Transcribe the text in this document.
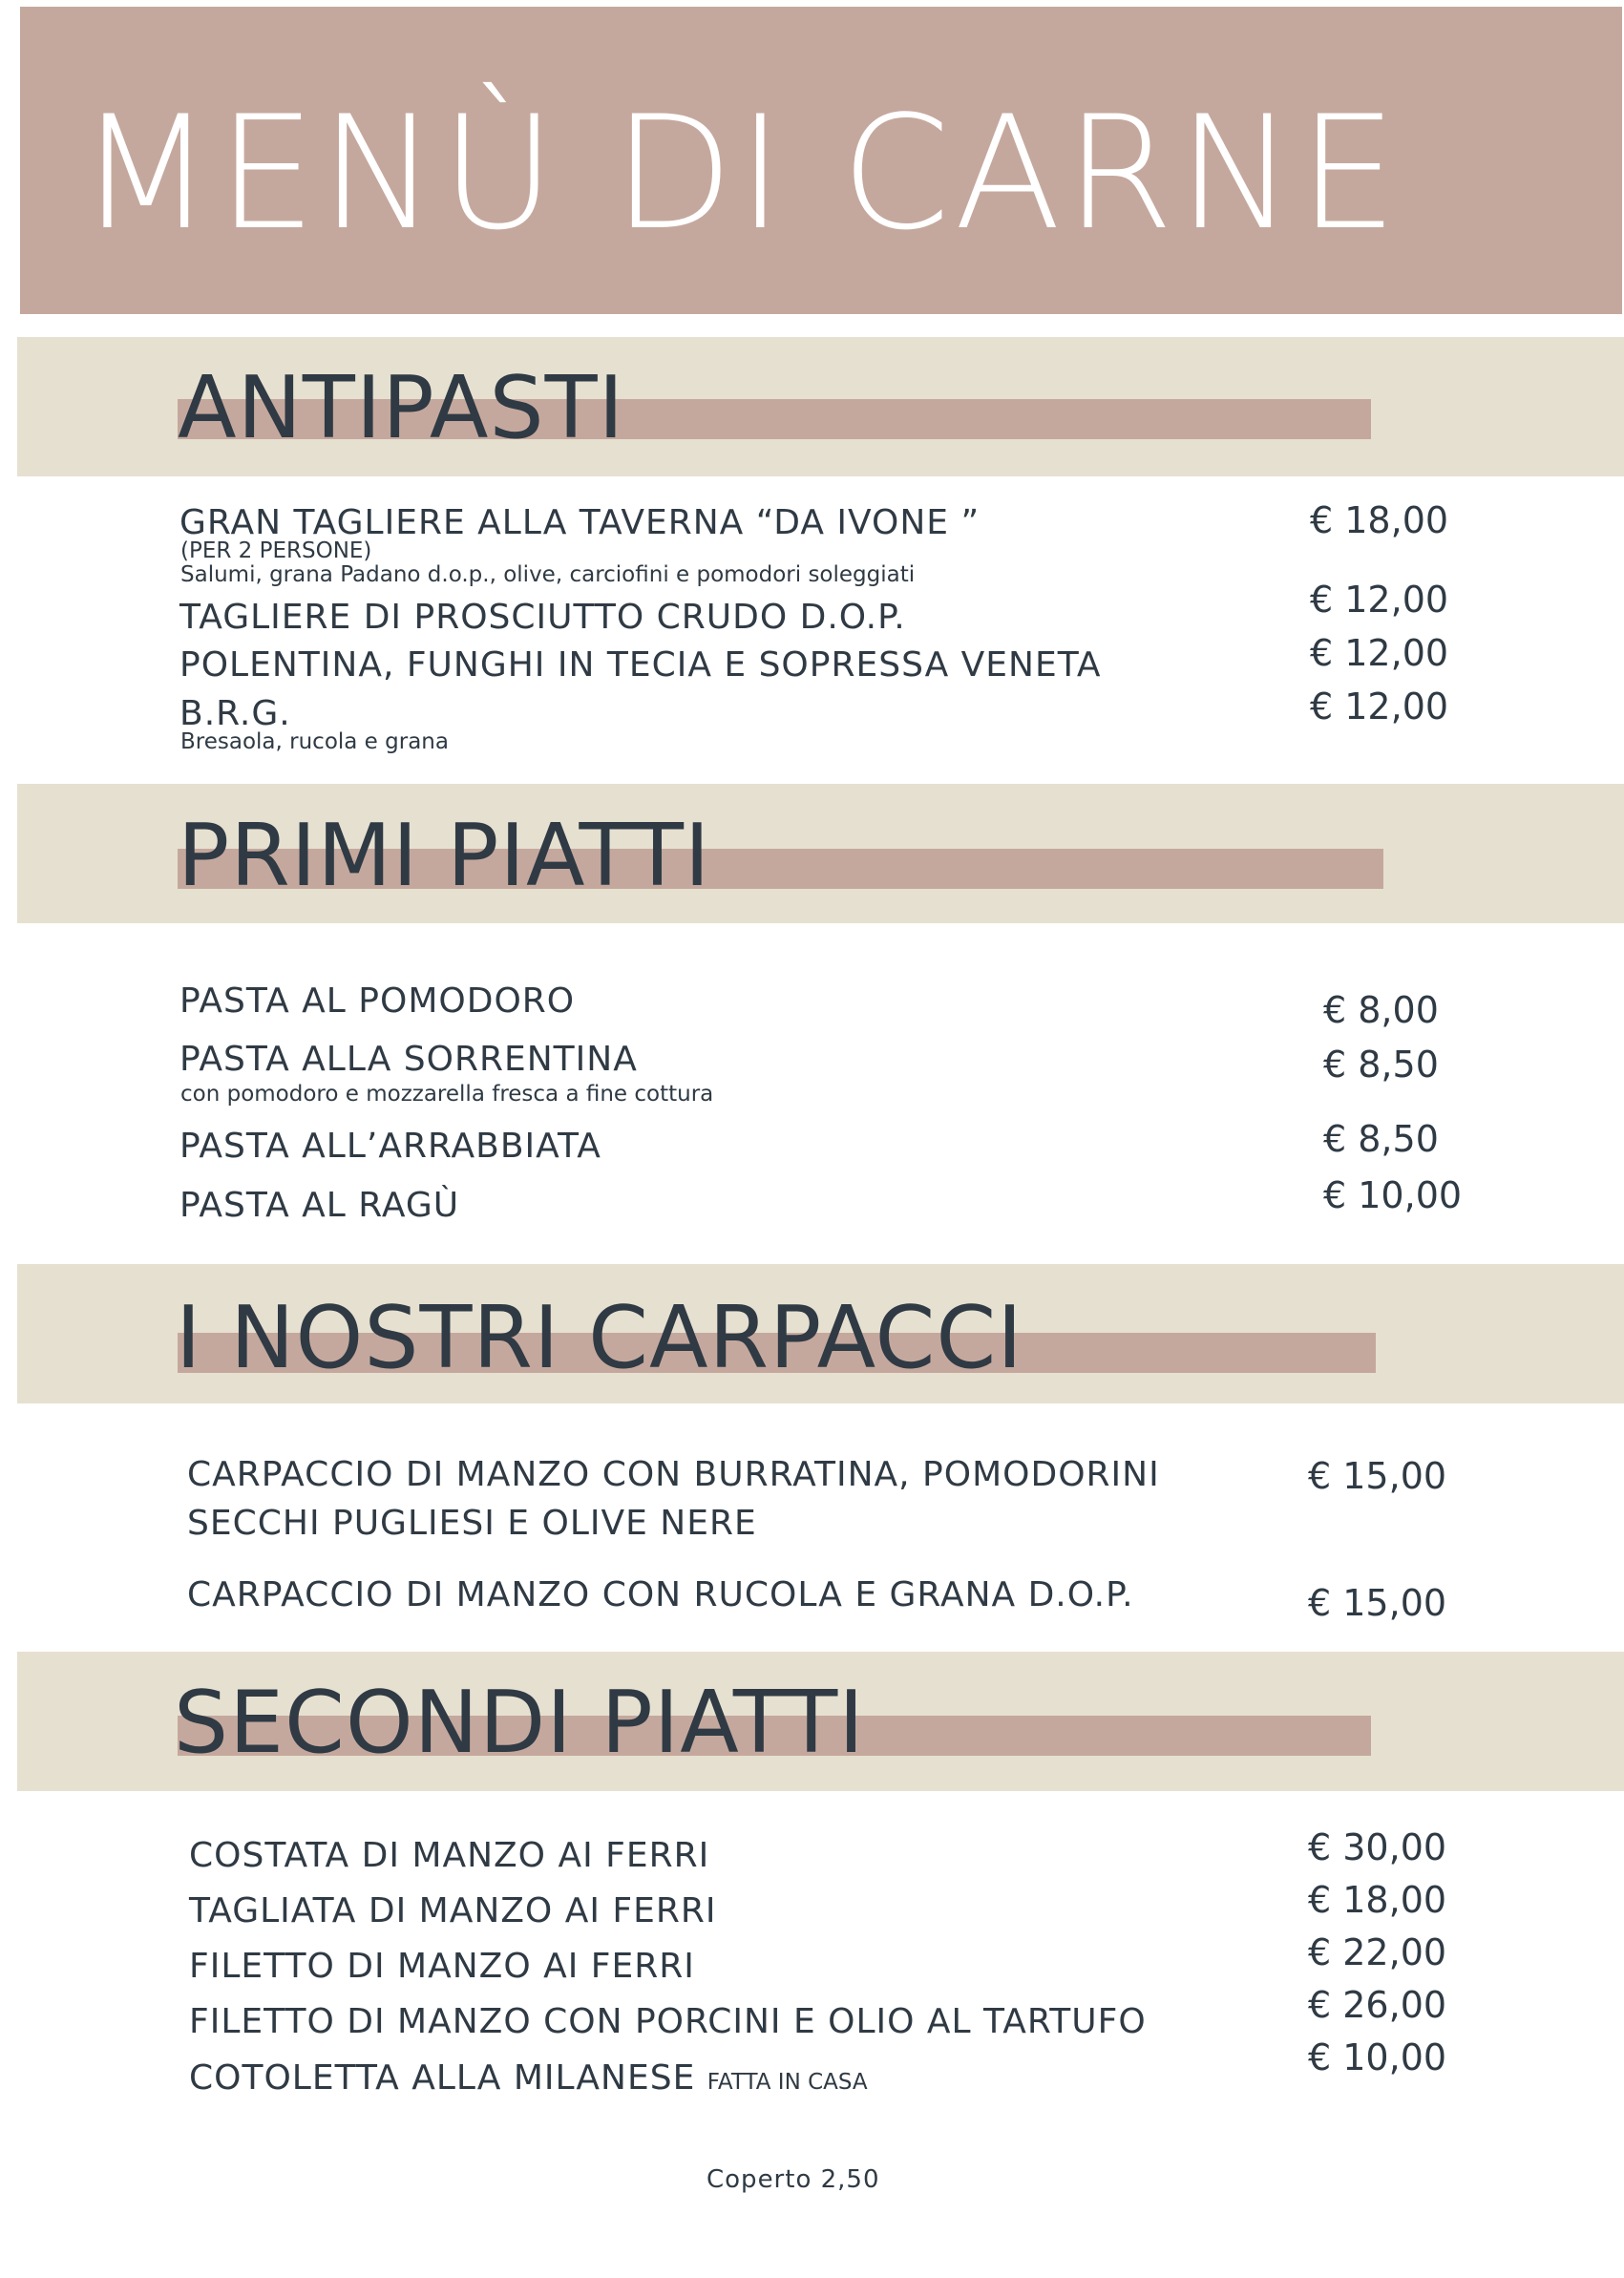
MENÙ DI CARNE
ANTIPASTI
GRAN TAGLIERE ALLA TAVERNA “DA IVONE ”
(PER 2 PERSONE)
Salumi, grana Padano d.o.p., olive, carciofini e pomodori soleggiati
€ 18,00
TAGLIERE DI PROSCIUTTO CRUDO D.O.P.	€ 12,00
POLENTINA, FUNGHI IN TECIA E SOPRESSA VENETA	€ 12,00
B.R.G.
Bresaola, rucola e grana
€ 12,00
PRIMI PIATTI
PASTA AL POMODORO	€ 8,00
PASTA ALLA SORRENTINA
con pomodoro e mozzarella fresca a fine cottura
€ 8,50
PASTA ALL’ARRABBIATA	€ 8,50
PASTA AL RAGÙ	€ 10,00
I NOSTRI CARPACCI
CARPACCIO DI MANZO CON BURRATINA, POMODORINI
SECCHI PUGLIESI E OLIVE NERE
€ 15,00
CARPACCIO DI MANZO CON RUCOLA E GRANA D.O.P.	€ 15,00
SECONDI PIATTI
COSTATA DI MANZO AI FERRI	€ 30,00
TAGLIATA DI MANZO AI FERRI	€ 18,00
FILETTO DI MANZO AI FERRI	€ 22,00
FILETTO DI MANZO CON PORCINI E OLIO AL TARTUFO	€ 26,00
COTOLETTA ALLA MILANESE FATTA IN CASA
€ 10,00
Coperto 2,50
